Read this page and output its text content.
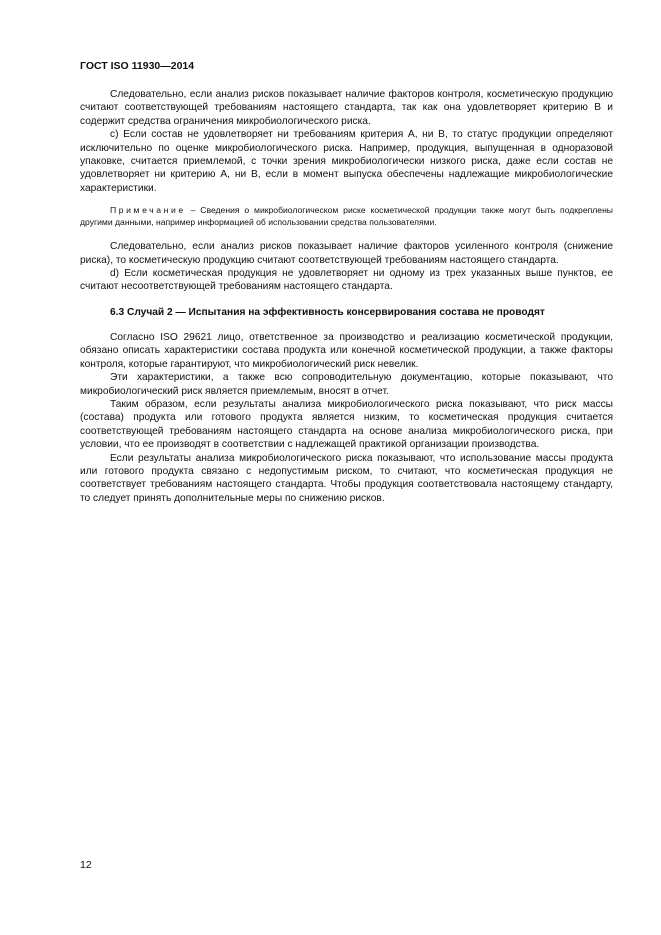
ГОСТ ISO 11930—2014

Следовательно, если анализ рисков показывает наличие факторов контроля, косметическую продукцию считают соответствующей требованиям настоящего стандарта, так как она удовлетворяет критерию В и содержит средства ограничения микробиологического риска.

с) Если состав не удовлетворяет ни требованиям критерия А, ни В, то статус продукции определяют исключительно по оценке микробиологического риска. Например, продукция, выпущенная в одноразовой упаковке, считается приемлемой, с точки зрения микробиологически низкого риска, даже если состав не удовлетворяет ни критерию А, ни В, если в момент выпуска обеспечены надлежащие микробиологические характеристики.

Примечание – Сведения о микробиологическом риске косметической продукции также могут быть подкреплены другими данными, например информацией об использовании средства пользователями.

Следовательно, если анализ рисков показывает наличие факторов усиленного контроля (снижение риска), то косметическую продукцию считают соответствующей требованиям настоящего стандарта.

d) Если косметическая продукция не удовлетворяет ни одному из трех указанных выше пунктов, ее считают несоответствующей требованиям настоящего стандарта.

6.3 Случай 2 — Испытания на эффективность консервирования состава не проводят

Согласно ISO 29621 лицо, ответственное за производство и реализацию косметической продукции, обязано описать характеристики состава продукта или конечной косметической продукции, а также факторы контроля, которые гарантируют, что микробиологический риск невелик.

Эти характеристики, а также всю сопроводительную документацию, которые показывают, что микробиологический риск является приемлемым, вносят в отчет.

Таким образом, если результаты анализа микробиологического риска показывают, что риск массы (состава) продукта или готового продукта является низким, то косметическая продукция считается соответствующей требованиям настоящего стандарта на основе анализа микробиологического риска, при условии, что ее производят в соответствии с надлежащей практикой организации производства.

Если результаты анализа микробиологического риска показывают, что использование массы продукта или готового продукта связано с недопустимым риском, то считают, что косметическая продукция не соответствует требованиям настоящего стандарта. Чтобы продукция соответствовала настоящему стандарту, то следует принять дополнительные меры по снижению рисков.

12
